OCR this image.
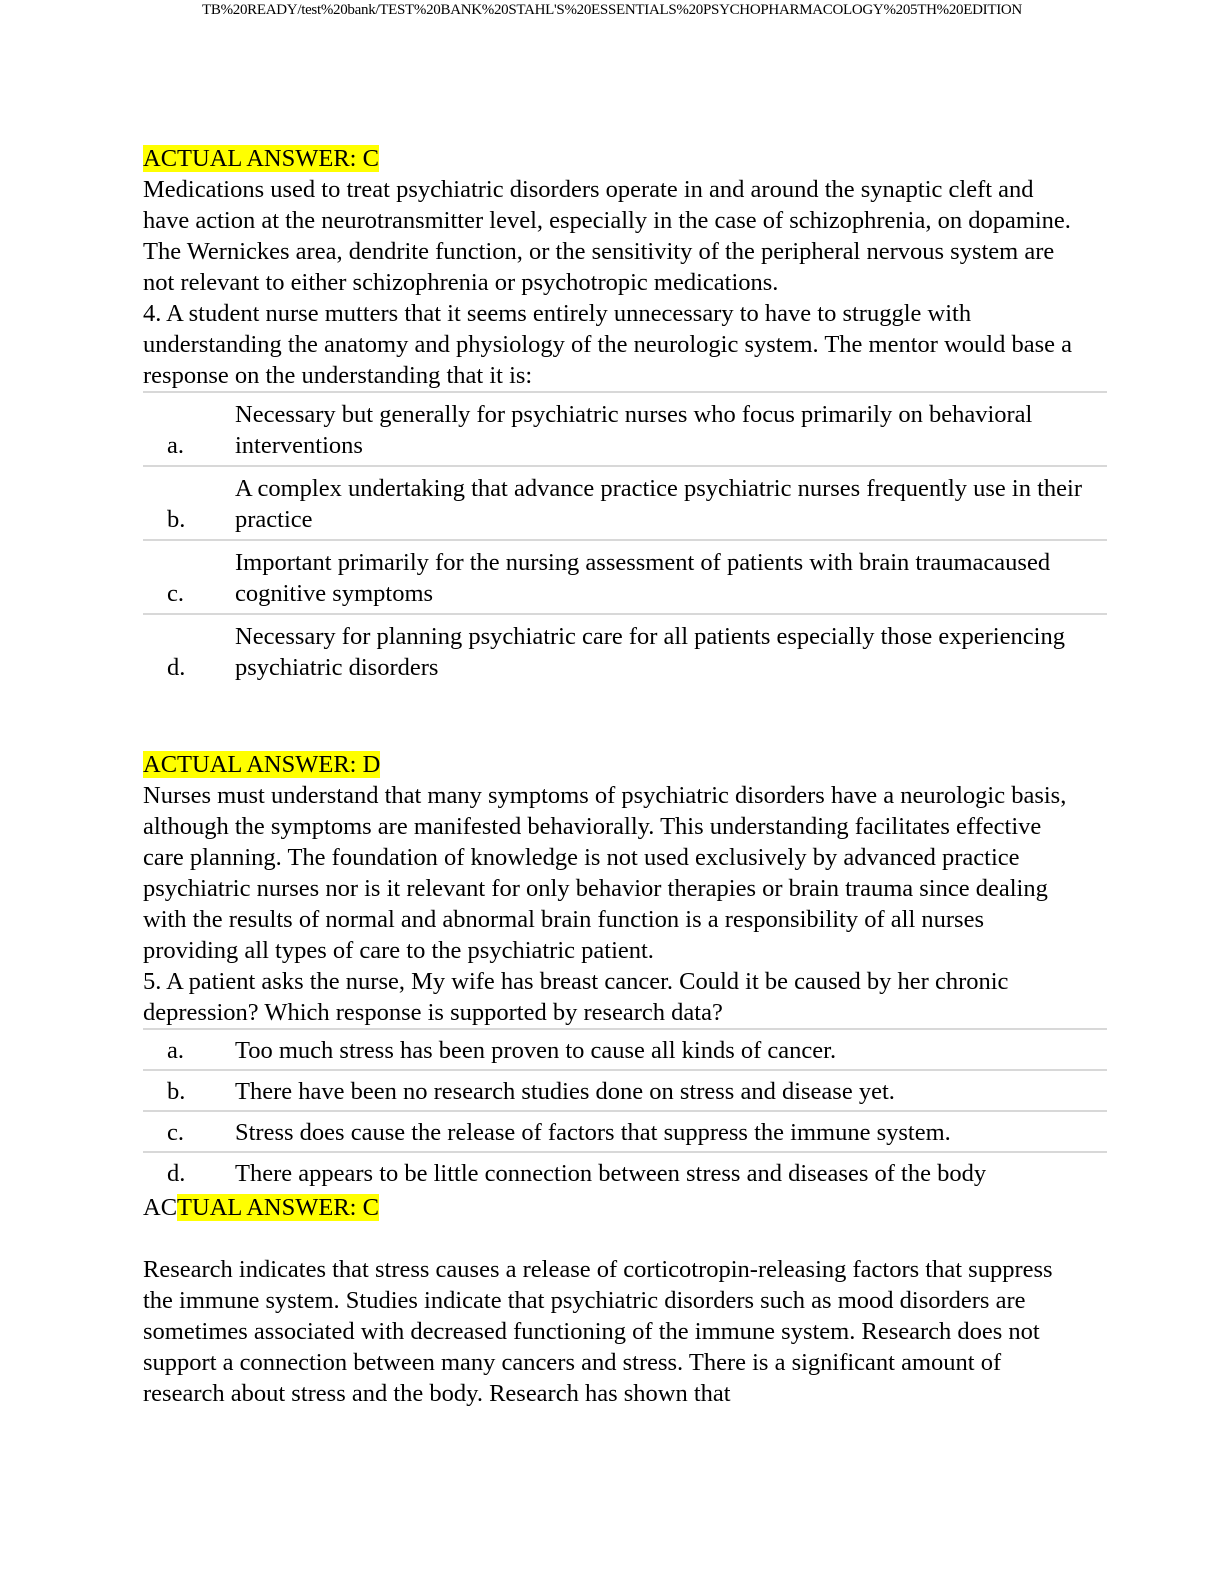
TB%20READY/test%20bank/TEST%20BANK%20STAHL'S%20ESSENTIALS%20PSYCHOPHARMACOLOGY%205TH%20EDITION
ACTUAL ANSWER: C

Medications used to treat psychiatric disorders operate in and around the synaptic cleft and have action at the neurotransmitter level, especially in the case of schizophrenia, on dopamine. The Wernickes area, dendrite function, or the sensitivity of the peripheral nervous system are not relevant to either schizophrenia or psychotropic medications.

4. A student nurse mutters that it seems entirely unnecessary to have to struggle with understanding the anatomy and physiology of the neurologic system. The mentor would base a response on the understanding that it is:

a.	Necessary but generally for psychiatric nurses who focus primarily on behavioral interventions
b.	A complex undertaking that advance practice psychiatric nurses frequently use in their practice
c.	Important primarily for the nursing assessment of patients with brain traumacaused cognitive symptoms
d.	Necessary for planning psychiatric care for all patients especially those experiencing psychiatric disorders
ACTUAL ANSWER: D

Nurses must understand that many symptoms of psychiatric disorders have a neurologic basis, although the symptoms are manifested behaviorally. This understanding facilitates effective care planning. The foundation of knowledge is not used exclusively by advanced practice psychiatric nurses nor is it relevant for only behavior therapies or brain trauma since dealing with the results of normal and abnormal brain function is a responsibility of all nurses providing all types of care to the psychiatric patient.

5. A patient asks the nurse, My wife has breast cancer. Could it be caused by her chronic depression? Which response is supported by research data?

a.	Too much stress has been proven to cause all kinds of cancer.
b.	There have been no research studies done on stress and disease yet.
c.	Stress does cause the release of factors that suppress the immune system.
d.	There appears to be little connection between stress and diseases of the body
ACTUAL ANSWER: C

Research indicates that stress causes a release of corticotropin-releasing factors that suppress the immune system. Studies indicate that psychiatric disorders such as mood disorders are sometimes associated with decreased functioning of the immune system. Research does not support a connection between many cancers and stress. There is a significant amount of research about stress and the body. Research has shown that
